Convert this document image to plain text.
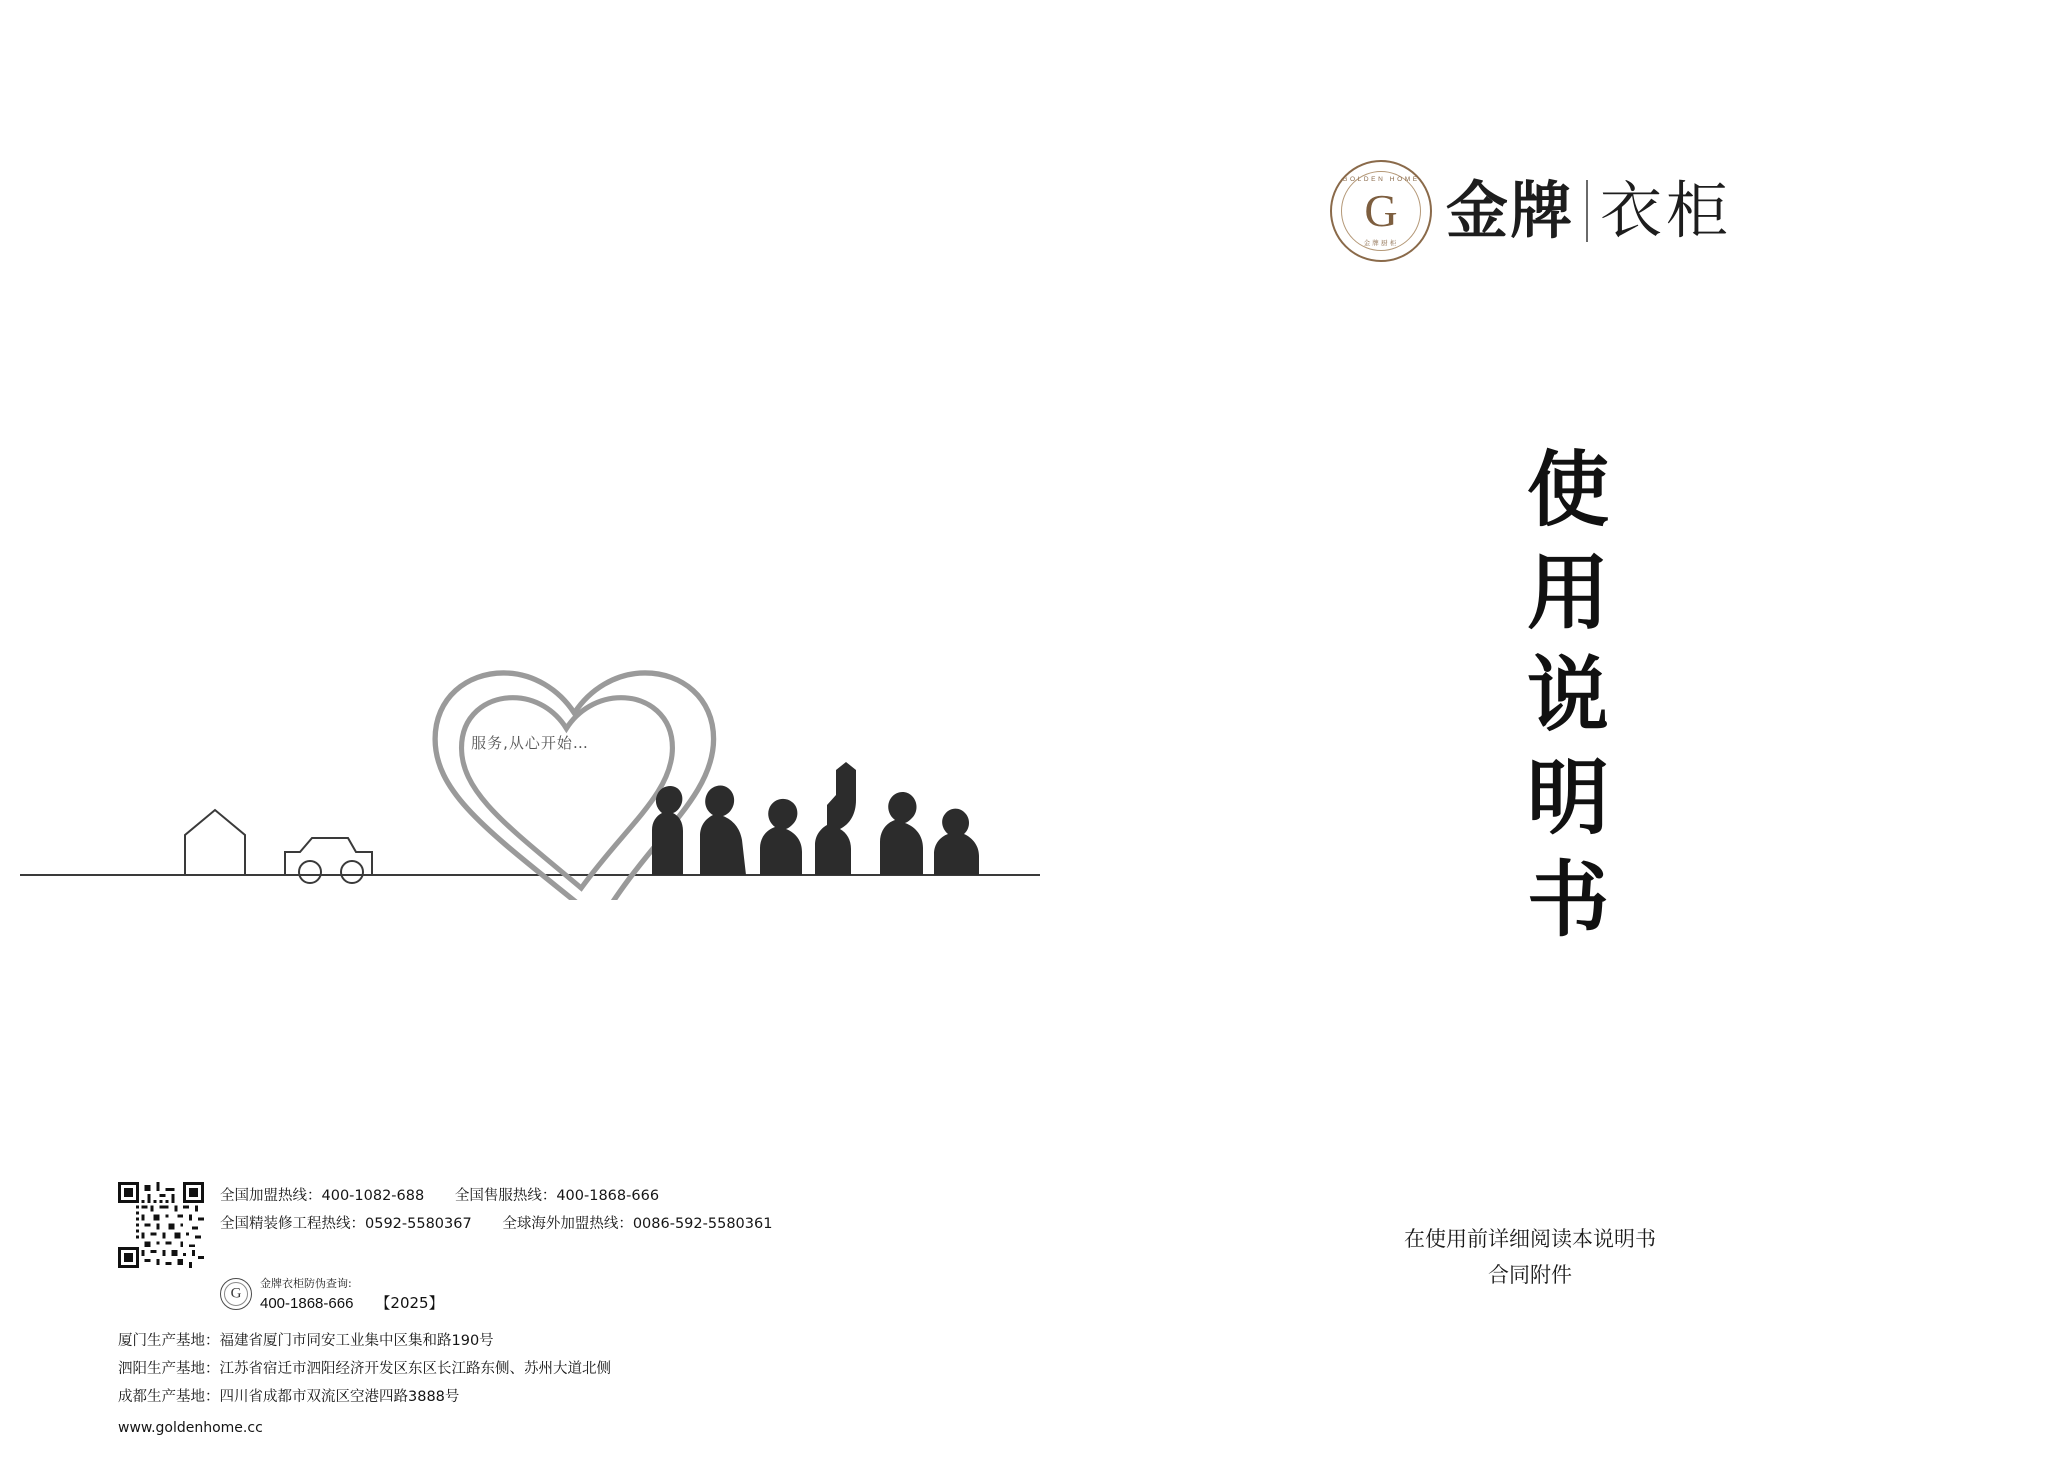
GOLDEN HOME
G
金牌厨柜 金牌 衣柜
使
用
说
明
书
在使用前详细阅读本说明书
合同附件
服务,从心开始…
全国加盟热线：400-1082-688 全国售服热线：400-1868-666
全国精装修工程热线：0592-5580367 全球海外加盟热线：0086-592-5580361
G
金牌衣柜防伪查询:
400-1868-666 【2025】
厦门生产基地：福建省厦门市同安工业集中区集和路190号
泗阳生产基地：江苏省宿迁市泗阳经济开发区东区长江路东侧、苏州大道北侧
成都生产基地：四川省成都市双流区空港四路3888号
www.goldenhome.cc
